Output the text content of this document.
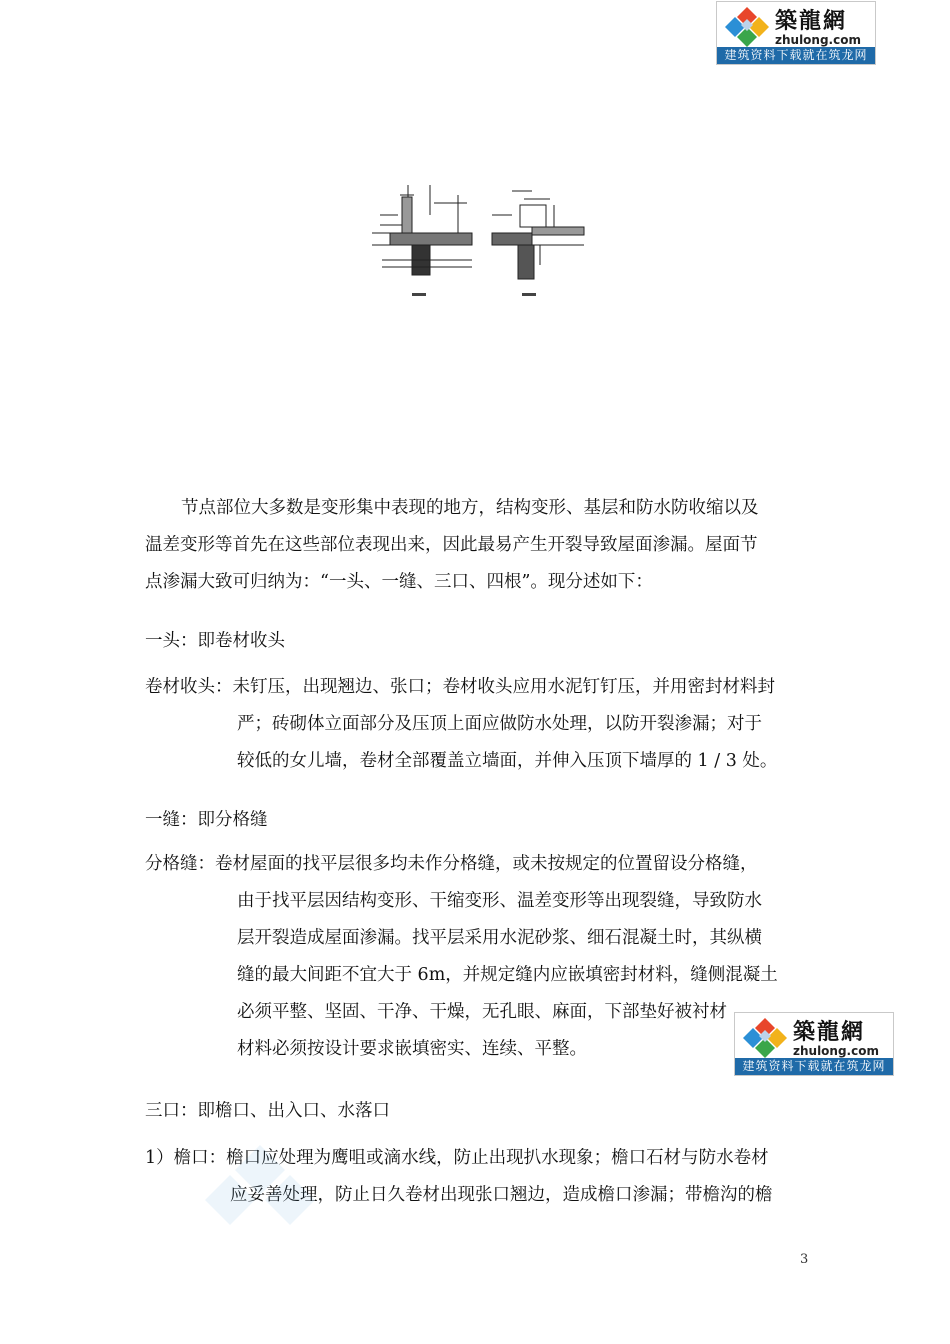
築龍網
zhulong.com
建筑资料下载就在筑龙网

节点部位大多数是变形集中表现的地方，结构变形、基层和防水防收缩以及
温差变形等首先在这些部位表现出来，因此最易产生开裂导致屋面渗漏。屋面节
点渗漏大致可归纳为：“一头、一缝、三口、四根”。现分述如下：

一头：即卷材收头

卷材收头：未钉压，出现翘边、张口；卷材收头应用水泥钉钉压，并用密封材料封
严；砖砌体立面部分及压顶上面应做防水处理，以防开裂渗漏；对于
较低的女儿墙，卷材全部覆盖立墙面，并伸入压顶下墙厚的 1 / 3 处。

一缝：即分格缝

分格缝：卷材屋面的找平层很多均未作分格缝，或未按规定的位置留设分格缝，
由于找平层因结构变形、干缩变形、温差变形等出现裂缝，导致防水
层开裂造成屋面渗漏。找平层采用水泥砂浆、细石混凝土时，其纵横
缝的最大间距不宜大于 6m，并规定缝内应嵌填密封材料，缝侧混凝土
必须平整、坚固、干净、干燥，无孔眼、麻面，下部垫好被衬材
材料必须按设计要求嵌填密实、连续、平整。

築龍網
zhulong.com
建筑资料下载就在筑龙网

三口：即檐口、出入口、水落口

1）檐口：檐口应处理为鹰咀或滴水线，防止出现扒水现象；檐口石材与防水卷材
应妥善处理，防止日久卷材出现张口翘边，造成檐口渗漏；带檐沟的檐

3
